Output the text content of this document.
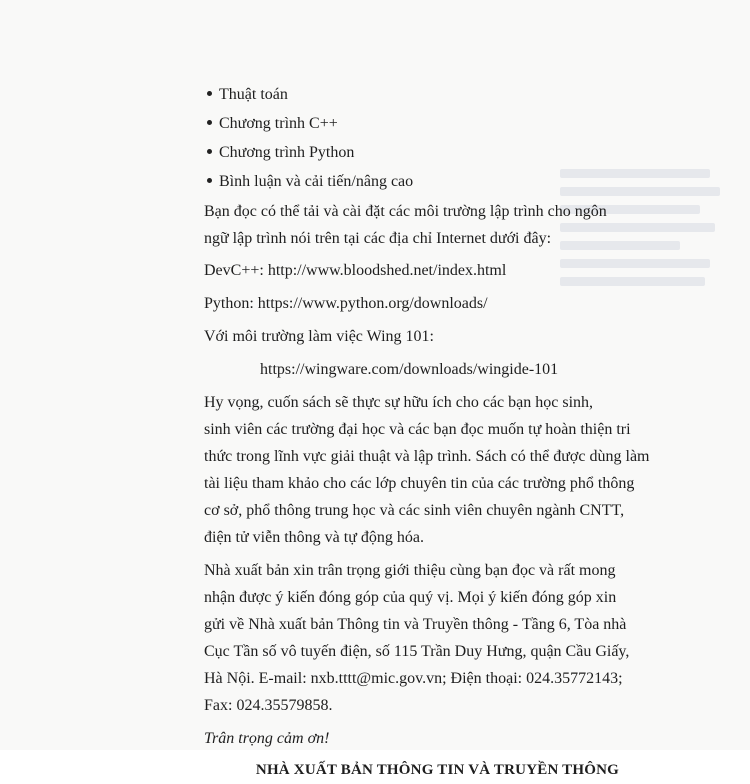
Thuật toán
Chương trình C++
Chương trình Python
Bình luận và cải tiến/nâng cao

Bạn đọc có thể tải và cài đặt các môi trường lập trình cho ngôn
ngữ lập trình nói trên tại các địa chỉ Internet dưới đây:

DevC++: http://www.bloodshed.net/index.html

Python: https://www.python.org/downloads/

Với môi trường làm việc Wing 101:

https://wingware.com/downloads/wingide-101

Hy vọng, cuốn sách sẽ thực sự hữu ích cho các bạn học sinh,
sinh viên các trường đại học và các bạn đọc muốn tự hoàn thiện tri
thức trong lĩnh vực giải thuật và lập trình. Sách có thể được dùng làm
tài liệu tham khảo cho các lớp chuyên tin của các trường phổ thông
cơ sở, phổ thông trung học và các sinh viên chuyên ngành CNTT,
điện tử viễn thông và tự động hóa.

Nhà xuất bản xin trân trọng giới thiệu cùng bạn đọc và rất mong
nhận được ý kiến đóng góp của quý vị. Mọi ý kiến đóng góp xin
gửi về Nhà xuất bản Thông tin và Truyền thông - Tầng 6, Tòa nhà
Cục Tần số vô tuyến điện, số 115 Trần Duy Hưng, quận Cầu Giấy,
Hà Nội. E-mail: nxb.tttt@mic.gov.vn; Điện thoại: 024.35772143;
Fax: 024.35579858.

Trân trọng cảm ơn!

NHÀ XUẤT BẢN THÔNG TIN VÀ TRUYỀN THÔNG
